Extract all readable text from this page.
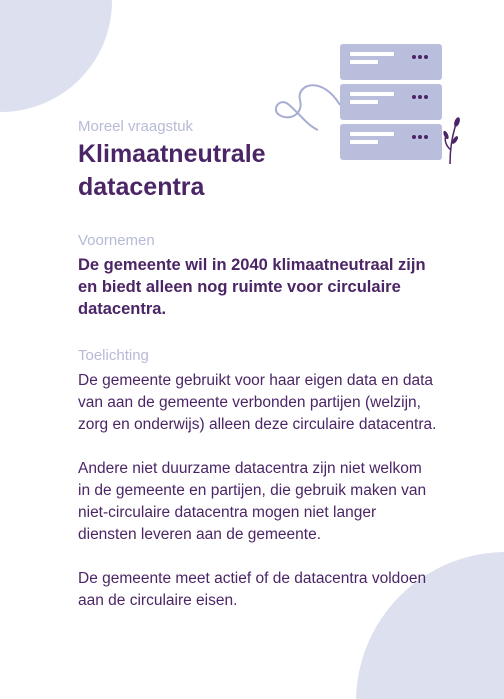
Moreel vraagstuk

Klimaatneutrale datacentra

Voornemen

De gemeente wil in 2040 klimaatneutraal zijn en biedt alleen nog ruimte voor circulaire datacentra.

Toelichting

De gemeente gebruikt voor haar eigen data en data van aan de gemeente verbonden partijen (welzijn, zorg en onderwijs) alleen deze circulaire datacentra.

Andere niet duurzame datacentra zijn niet welkom in de gemeente en partijen, die gebruik maken van niet-circulaire datacentra mogen niet langer diensten leveren aan de gemeente.

De gemeente meet actief of de datacentra voldoen aan de circulaire eisen.
